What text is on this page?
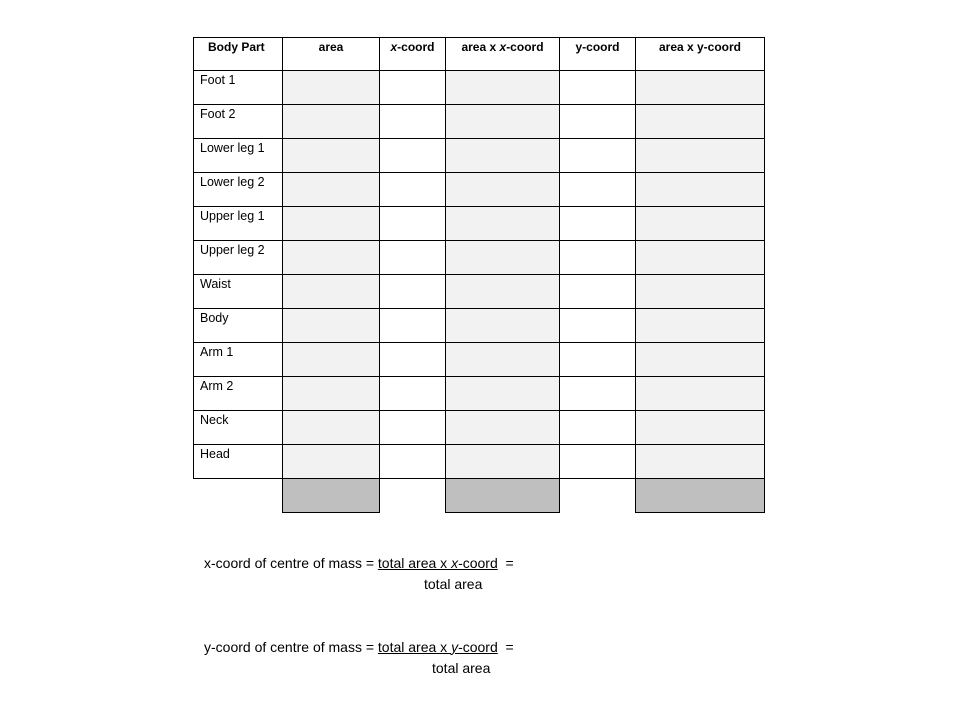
Body Part	area	x-coord	area x x-coord	y-coord	area x y-coord
Foot 1					
Foot 2					
Lower leg 1					
Lower leg 2					
Upper leg 1					
Upper leg 2					
Waist					
Body					
Arm 1					
Arm 2					
Neck					
Head					

x-coord of centre of mass = total area x x-coord =
total area
y-coord of centre of mass = total area x y-coord =
total area
